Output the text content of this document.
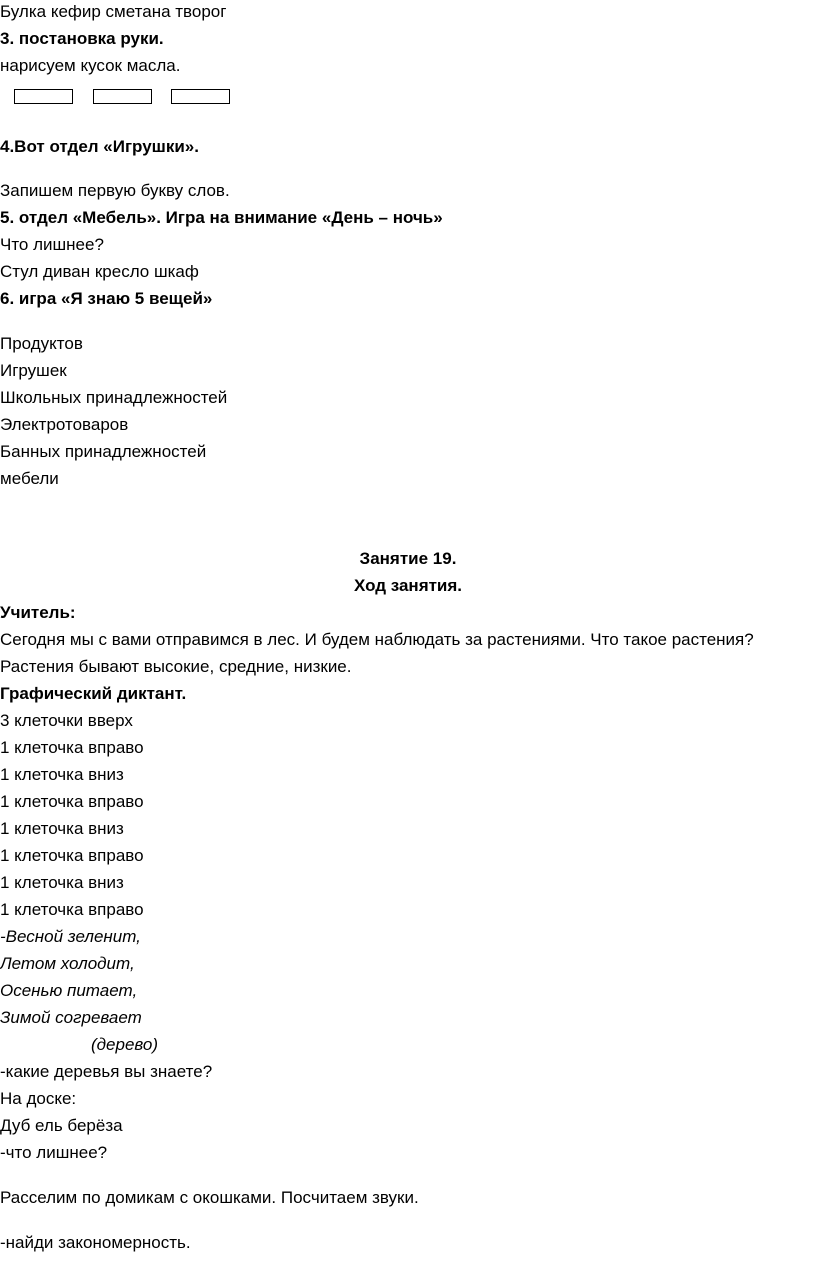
Булка кефир сметана творог
3. постановка руки.
нарисуем кусок масла.
4.Вот отдел «Игрушки».
Запишем первую букву слов.
5. отдел «Мебель». Игра на внимание «День – ночь»
Что лишнее?
Стул диван кресло шкаф
6. игра «Я знаю 5 вещей»
Продуктов
Игрушек
Школьных принадлежностей
Электротоваров
Банных принадлежностей
мебели
Занятие 19.
Ход занятия.
Учитель:
Сегодня мы с вами отправимся в лес. И будем наблюдать за растениями. Что такое растения?
Растения бывают высокие, средние, низкие.
Графический диктант.
3 клеточки вверх
1 клеточка вправо
1 клеточка вниз
1 клеточка вправо
1 клеточка вниз
1 клеточка вправо
1 клеточка вниз
1 клеточка вправо
-Весной зеленит,
Летом холодит,
Осенью питает,
Зимой согревает
(дерево)
-какие деревья вы знаете?
На доске:
Дуб ель берёза
-что лишнее?
Расселим по домикам с окошками. Посчитаем звуки.
-найди закономерность.
